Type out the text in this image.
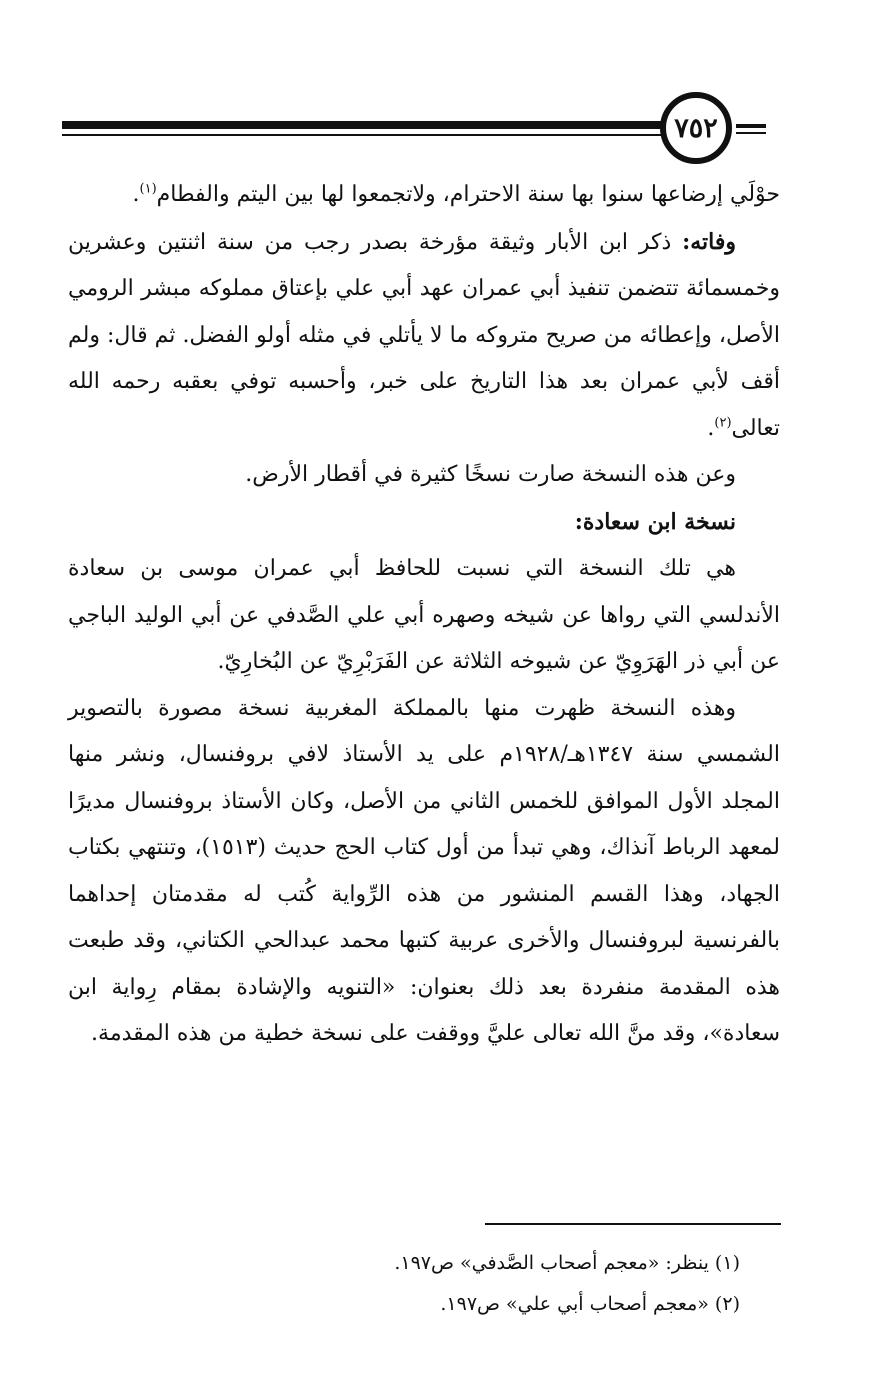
٧٥٢

حوْلَي إرضاعها سنوا بها سنة الاحترام، ولاتجمعوا لها بين اليتم والفطام$^{(١)}$.

وفاته: ذكر ابن الأبار وثيقة مؤرخة بصدر رجب من سنة اثنتين وعشرين وخمسمائة تتضمن تنفيذ أبي عمران عهد أبي علي بإعتاق مملوكه مبشر الرومي الأصل، وإعطائه من صريح متروكه ما لا يأتلي في مثله أولو الفضل. ثم قال: ولم أقف لأبي عمران بعد هذا التاريخ على خبر، وأحسبه توفي بعقبه رحمه الله تعالى$^{(٢)}$.

وعن هذه النسخة صارت نسخًا كثيرة في أقطار الأرض.

نسخة ابن سعادة:

هي تلك النسخة التي نسبت للحافظ أبي عمران موسى بن سعادة الأندلسي التي رواها عن شيخه وصهره أبي علي الصَّدفي عن أبي الوليد الباجي عن أبي ذر الهَرَوِيّ عن شيوخه الثلاثة عن الفَرَبْرِيّ عن البُخارِيّ.

وهذه النسخة ظهرت منها بالمملكة المغربية نسخة مصورة بالتصوير الشمسي سنة ١٣٤٧هـ/١٩٢٨م على يد الأستاذ لافي بروفنسال، ونشر منها المجلد الأول الموافق للخمس الثاني من الأصل، وكان الأستاذ بروفنسال مديرًا لمعهد الرباط آنذاك، وهي تبدأ من أول كتاب الحج حديث (١٥١٣)، وتنتهي بكتاب الجهاد، وهذا القسم المنشور من هذه الرِّواية كُتب له مقدمتان إحداهما بالفرنسية لبروفنسال والأخرى عربية كتبها محمد عبدالحي الكتاني، وقد طبعت هذه المقدمة منفردة بعد ذلك بعنوان: «التنويه والإشادة بمقام رِواية ابن سعادة»، وقد منَّ الله تعالى عليَّ ووقفت على نسخة خطية من هذه المقدمة.

(١) ينظر: «معجم أصحاب الصَّدفي» ص١٩٧.

(٢) «معجم أصحاب أبي علي» ص١٩٧.
